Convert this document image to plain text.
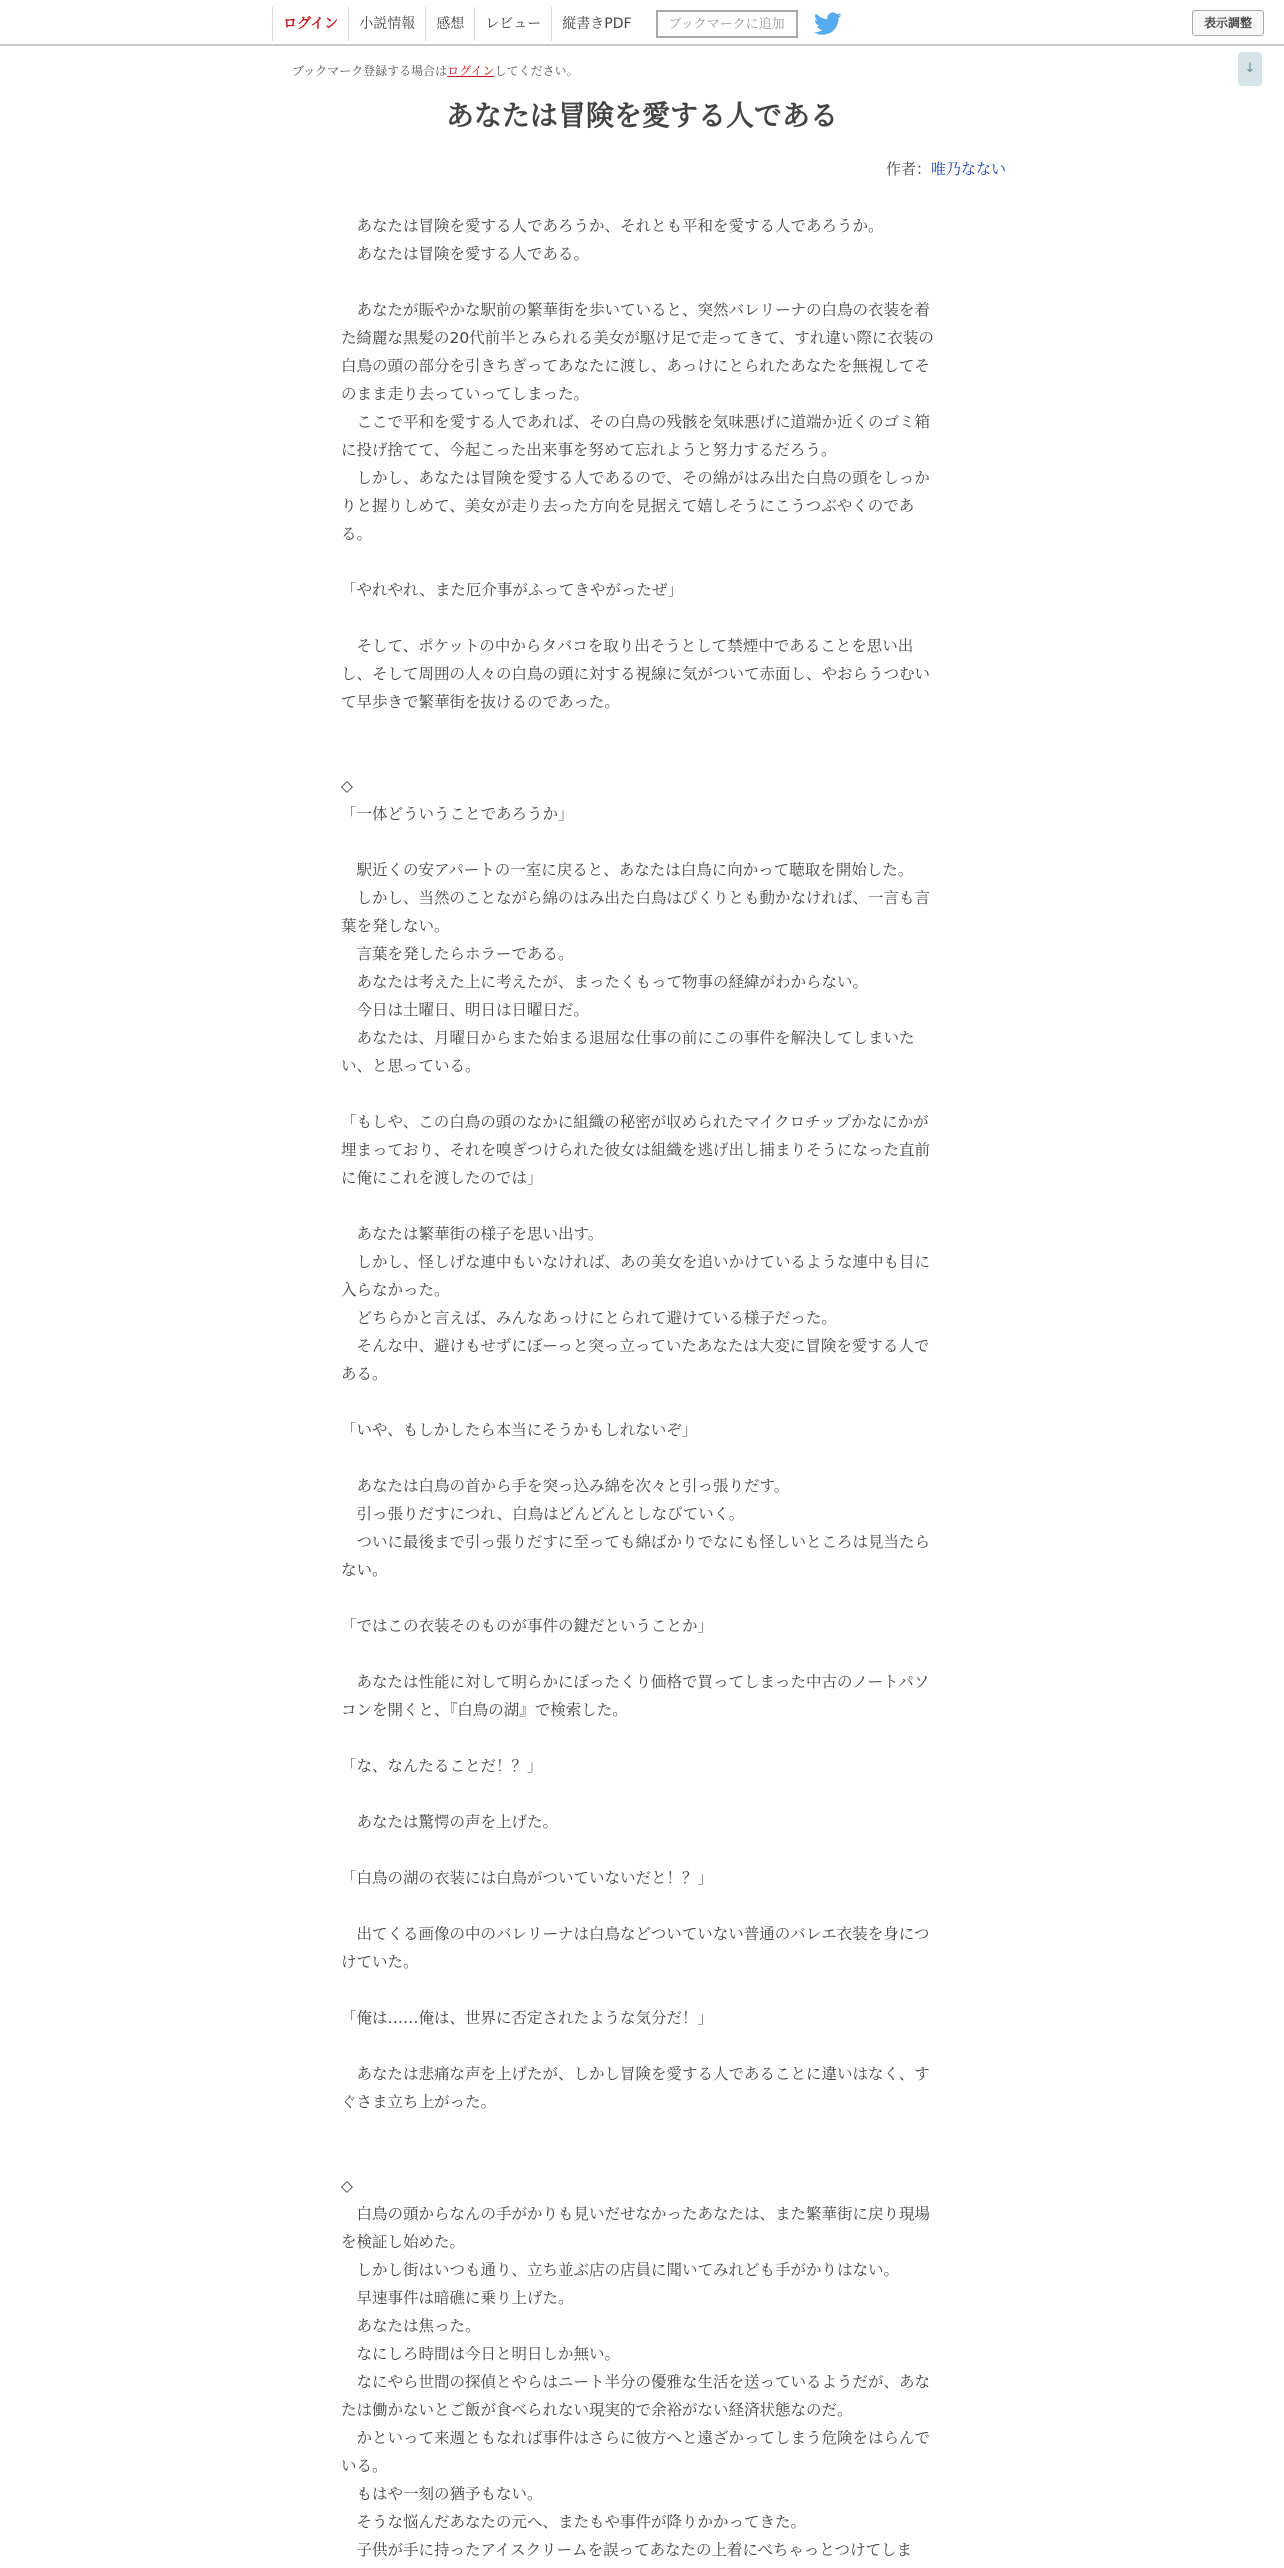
ログイン	小説情報	感想	レビュー	縦書きPDF	ブックマークに追加	表示調整
ブックマーク登録する場合はログインしてください。	↓
あなたは冒険を愛する人である
作者：唯乃なない

　あなたは冒険を愛する人であろうか、それとも平和を愛する人であろうか。

　あなたは冒険を愛する人である。

　あなたが賑やかな駅前の繁華街を歩いていると、突然バレリーナの白鳥の衣装を着た綺麗な黒髪の20代前半とみられる美女が駆け足で走ってきて、すれ違い際に衣装の白鳥の頭の部分を引きちぎってあなたに渡し、あっけにとられたあなたを無視してそのまま走り去っていってしまった。

　ここで平和を愛する人であれば、その白鳥の残骸を気味悪げに道端か近くのゴミ箱に投げ捨てて、今起こった出来事を努めて忘れようと努力するだろう。

　しかし、あなたは冒険を愛する人であるので、その綿がはみ出た白鳥の頭をしっかりと握りしめて、美女が走り去った方向を見据えて嬉しそうにこうつぶやくのである。

「やれやれ、また厄介事がふってきやがったぜ」

　そして、ポケットの中からタバコを取り出そうとして禁煙中であることを思い出し、そして周囲の人々の白鳥の頭に対する視線に気がついて赤面し、やおらうつむいて早歩きで繁華街を抜けるのであった。

◇

「一体どういうことであろうか」

　駅近くの安アパートの一室に戻ると、あなたは白鳥に向かって聴取を開始した。

　しかし、当然のことながら綿のはみ出た白鳥はぴくりとも動かなければ、一言も言葉を発しない。

　言葉を発したらホラーである。

　あなたは考えた上に考えたが、まったくもって物事の経緯がわからない。

　今日は土曜日、明日は日曜日だ。

　あなたは、月曜日からまた始まる退屈な仕事の前にこの事件を解決してしまいたい、と思っている。

「もしや、この白鳥の頭のなかに組織の秘密が収められたマイクロチップかなにかが埋まっており、それを嗅ぎつけられた彼女は組織を逃げ出し捕まりそうになった直前に俺にこれを渡したのでは」

　あなたは繁華街の様子を思い出す。

　しかし、怪しげな連中もいなければ、あの美女を追いかけているような連中も目に入らなかった。

　どちらかと言えば、みんなあっけにとられて避けている様子だった。

　そんな中、避けもせずにぼーっと突っ立っていたあなたは大変に冒険を愛する人である。

「いや、もしかしたら本当にそうかもしれないぞ」

　あなたは白鳥の首から手を突っ込み綿を次々と引っ張りだす。

　引っ張りだすにつれ、白鳥はどんどんとしなびていく。

　ついに最後まで引っ張りだすに至っても綿ばかりでなにも怪しいところは見当たらない。

「ではこの衣装そのものが事件の鍵だということか」

　あなたは性能に対して明らかにぼったくり価格で買ってしまった中古のノートパソコンを開くと、『白鳥の湖』で検索した。

「な、なんたることだ！？」

　あなたは驚愕の声を上げた。

「白鳥の湖の衣装には白鳥がついていないだと！？」

　出てくる画像の中のバレリーナは白鳥などついていない普通のバレエ衣装を身につけていた。

「俺は……俺は、世界に否定されたような気分だ！」

　あなたは悲痛な声を上げたが、しかし冒険を愛する人であることに違いはなく、すぐさま立ち上がった。

◇

　白鳥の頭からなんの手がかりも見いだせなかったあなたは、また繁華街に戻り現場を検証し始めた。

　しかし街はいつも通り、立ち並ぶ店の店員に聞いてみれども手がかりはない。

　早速事件は暗礁に乗り上げた。

　あなたは焦った。

　なにしろ時間は今日と明日しか無い。

　なにやら世間の探偵とやらはニート半分の優雅な生活を送っているようだが、あなたは働かないとご飯が食べられない現実的で余裕がない経済状態なのだ。

　かといって来週ともなれば事件はさらに彼方へと遠ざかってしまう危険をはらんでいる。

　もはや一刻の猶予もない。

　そうな悩んだあなたの元へ、またもや事件が降りかかってきた。

　子供が手に持ったアイスクリームを誤ってあなたの上着にべちゃっとつけてしま
